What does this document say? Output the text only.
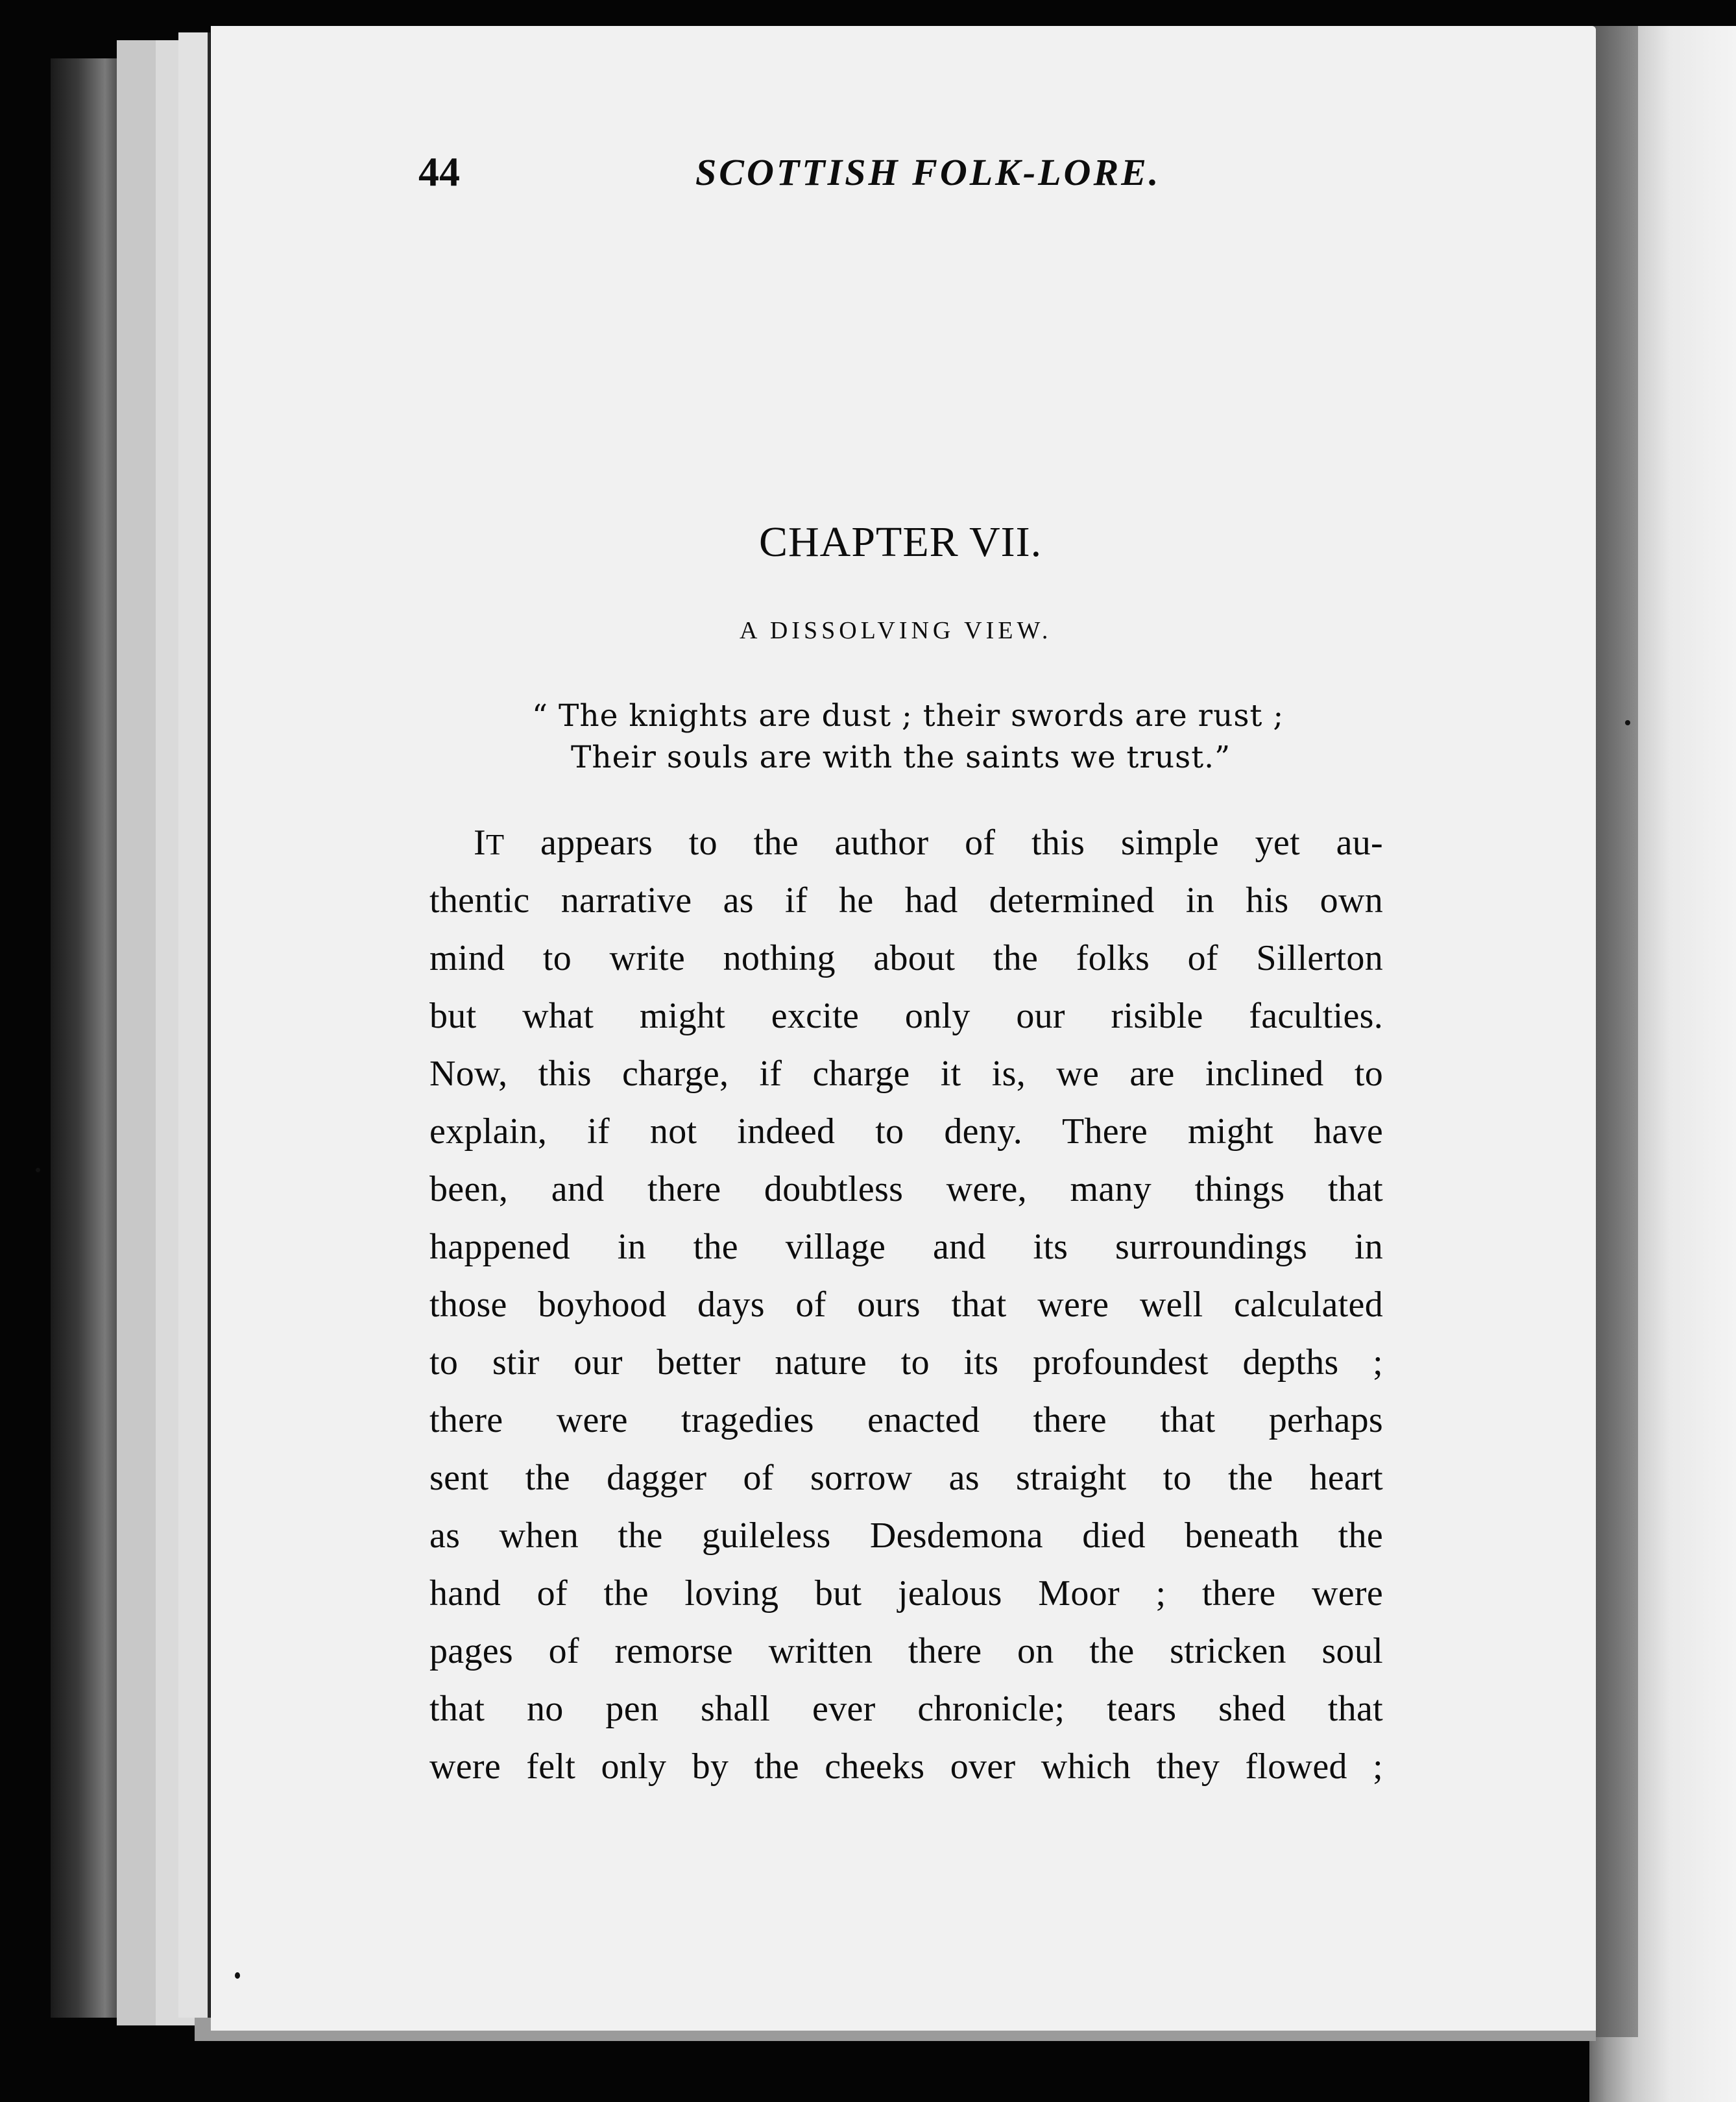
44	SCOTTISH FOLK-LORE.
CHAPTER VII.
A DISSOLVING VIEW.
“ The knights are dust ; their swords are rust ;
Their souls are with the saints we trust.”
IT appears to the author of this simple yet au-
thentic narrative as if he had determined in his own
mind to write nothing about the folks of Sillerton
but what might excite only our risible faculties.
Now, this charge, if charge it is, we are inclined to
explain, if not indeed to deny. There might have
been, and there doubtless were, many things that
happened in the village and its surroundings in
those boyhood days of ours that were well calculated
to stir our better nature to its profoundest depths ;
there were tragedies enacted there that perhaps
sent the dagger of sorrow as straight to the heart
as when the guileless Desdemona died beneath the
hand of the loving but jealous Moor ; there were
pages of remorse written there on the stricken soul
that no pen shall ever chronicle; tears shed that
were felt only by the cheeks over which they flowed ;
